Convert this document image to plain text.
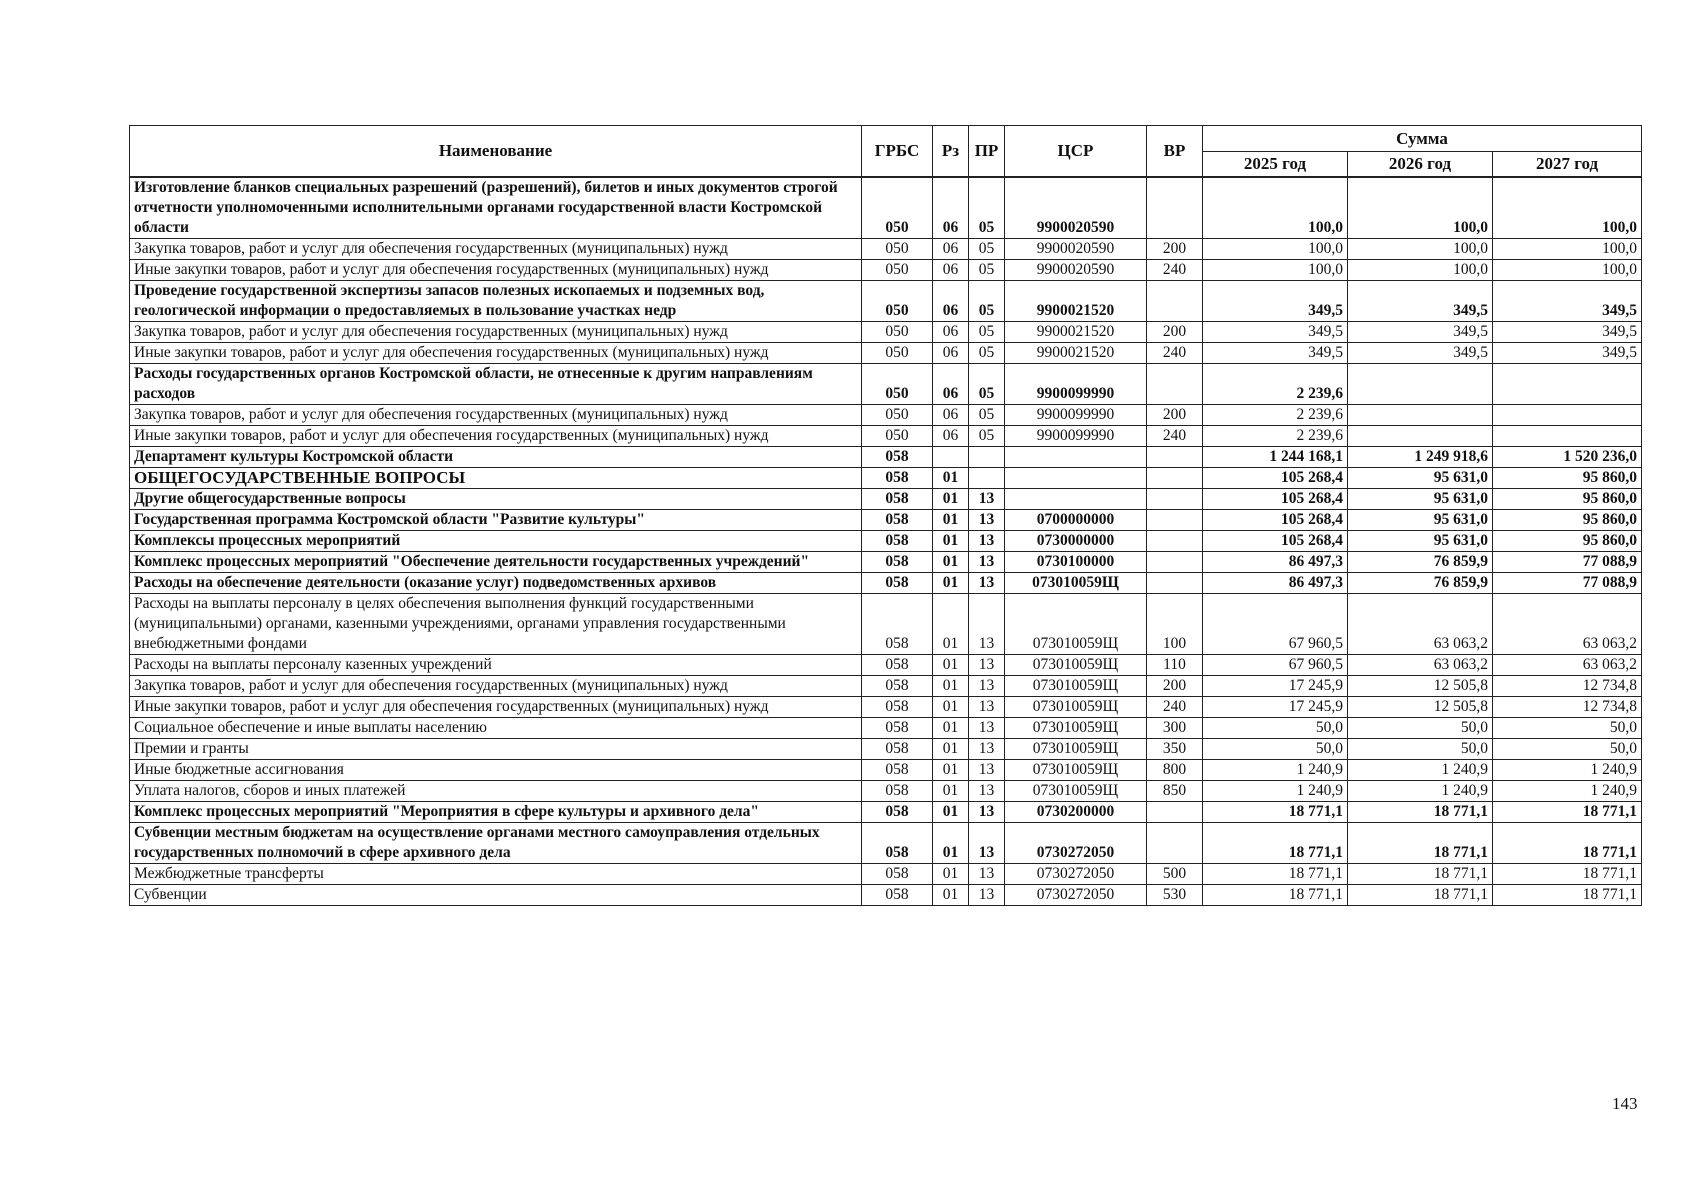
Наименование	ГРБС	Рз	ПР	ЦСР	ВР	Сумма		
						2025 год	2026 год	2027 год
Изготовление бланков специальных разрешений (разрешений), билетов и иных документов строгой отчетности уполномоченными исполнительными органами государственной власти Костромской области	050	06	05	9900020590		100,0	100,0	100,0
Закупка товаров, работ и услуг для обеспечения государственных (муниципальных) нужд	050	06	05	9900020590	200	100,0	100,0	100,0
Иные закупки товаров, работ и услуг для обеспечения государственных (муниципальных) нужд	050	06	05	9900020590	240	100,0	100,0	100,0
Проведение государственной экспертизы запасов полезных ископаемых и подземных вод, геологической информации о предоставляемых в пользование участках недр	050	06	05	9900021520		349,5	349,5	349,5
Закупка товаров, работ и услуг для обеспечения государственных (муниципальных) нужд	050	06	05	9900021520	200	349,5	349,5	349,5
Иные закупки товаров, работ и услуг для обеспечения государственных (муниципальных) нужд	050	06	05	9900021520	240	349,5	349,5	349,5
Расходы государственных органов Костромской области, не отнесенные к другим направлениям расходов	050	06	05	9900099990		2 239,6		
Закупка товаров, работ и услуг для обеспечения государственных (муниципальных) нужд	050	06	05	9900099990	200	2 239,6		
Иные закупки товаров, работ и услуг для обеспечения государственных (муниципальных) нужд	050	06	05	9900099990	240	2 239,6		
Департамент культуры Костромской области	058					1 244 168,1	1 249 918,6	1 520 236,0
ОБЩЕГОСУДАРСТВЕННЫЕ ВОПРОСЫ	058	01				105 268,4	95 631,0	95 860,0
Другие общегосударственные вопросы	058	01	13			105 268,4	95 631,0	95 860,0
Государственная программа Костромской области "Развитие культуры"	058	01	13	0700000000		105 268,4	95 631,0	95 860,0
Комплексы процессных мероприятий	058	01	13	0730000000		105 268,4	95 631,0	95 860,0
Комплекс процессных мероприятий "Обеспечение деятельности государственных учреждений"	058	01	13	0730100000		86 497,3	76 859,9	77 088,9
Расходы на обеспечение деятельности (оказание услуг) подведомственных архивов	058	01	13	073010059Щ		86 497,3	76 859,9	77 088,9
Расходы на выплаты персоналу в целях обеспечения выполнения функций государственными (муниципальными) органами, казенными учреждениями, органами управления государственными внебюджетными фондами	058	01	13	073010059Щ	100	67 960,5	63 063,2	63 063,2
Расходы на выплаты персоналу казенных учреждений	058	01	13	073010059Щ	110	67 960,5	63 063,2	63 063,2
Закупка товаров, работ и услуг для обеспечения государственных (муниципальных) нужд	058	01	13	073010059Щ	200	17 245,9	12 505,8	12 734,8
Иные закупки товаров, работ и услуг для обеспечения государственных (муниципальных) нужд	058	01	13	073010059Щ	240	17 245,9	12 505,8	12 734,8
Социальное обеспечение и иные выплаты населению	058	01	13	073010059Щ	300	50,0	50,0	50,0
Премии и гранты	058	01	13	073010059Щ	350	50,0	50,0	50,0
Иные бюджетные ассигнования	058	01	13	073010059Щ	800	1 240,9	1 240,9	1 240,9
Уплата налогов, сборов и иных платежей	058	01	13	073010059Щ	850	1 240,9	1 240,9	1 240,9
Комплекс процессных мероприятий "Мероприятия в сфере культуры и архивного дела"	058	01	13	0730200000		18 771,1	18 771,1	18 771,1
Субвенции местным бюджетам на осуществление органами местного самоуправления отдельных государственных полномочий в сфере архивного дела	058	01	13	0730272050		18 771,1	18 771,1	18 771,1
Межбюджетные трансферты	058	01	13	0730272050	500	18 771,1	18 771,1	18 771,1
Субвенции	058	01	13	0730272050	530	18 771,1	18 771,1	18 771,1
143
